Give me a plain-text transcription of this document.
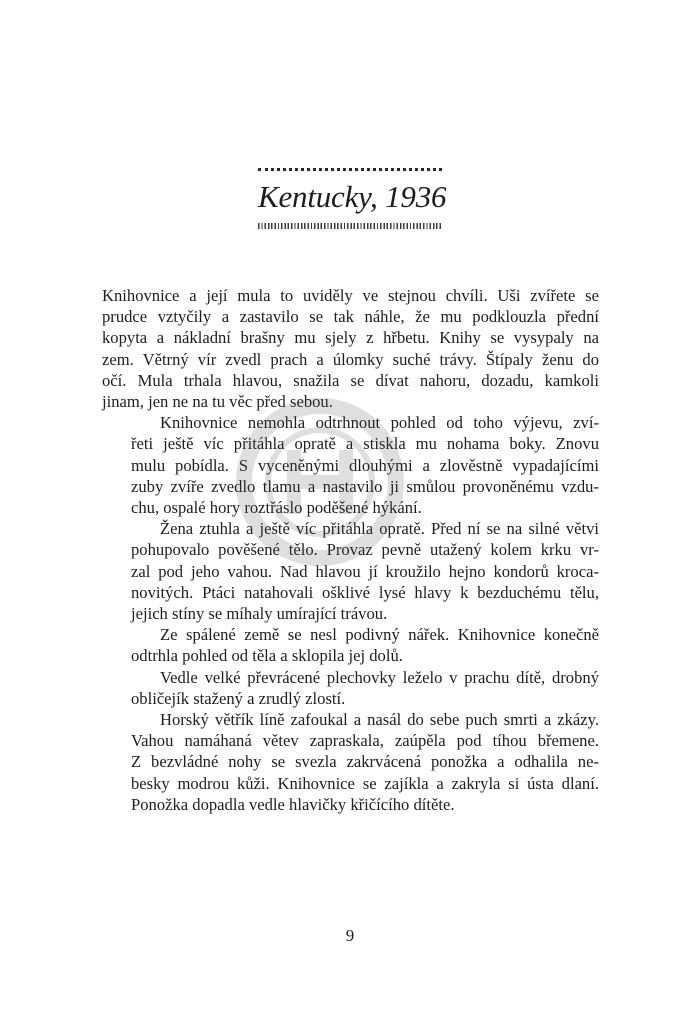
Kentucky, 1936
Knihovnice a její mula to uviděly ve stejnou chvíli. Uši zvířete se
prudce vztyčily a zastavilo se tak náhle, že mu podklouzla přední
kopyta a nákladní brašny mu sjely z hřbetu. Knihy se vysypaly na
zem. Větrný vír zvedl prach a úlomky suché trávy. Štípaly ženu do
očí. Mula trhala hlavou, snažila se dívat nahoru, dozadu, kamkoli
jinam, jen ne na tu věc před sebou.
Knihovnice nemohla odtrhnout pohled od toho výjevu, zví-
řeti ještě víc přitáhla opratě a stiskla mu nohama boky. Znovu
mulu pobídla. S vyceněnými dlouhými a zlověstně vypadajícími
zuby zvíře zvedlo tlamu a nastavilo ji smůlou provoněnému vzdu-
chu, ospalé hory roztřáslo poděšené hýkání.
Žena ztuhla a ještě víc přitáhla opratě. Před ní se na silné větvi
pohupovalo pověšené tělo. Provaz pevně utažený kolem krku vr-
zal pod jeho vahou. Nad hlavou jí kroužilo hejno kondorů kroca-
novitých. Ptáci natahovali ošklivé lysé hlavy k bezduchému tělu,
jejich stíny se míhaly umírající trávou.
Ze spálené země se nesl podivný nářek. Knihovnice konečně
odtrhla pohled od těla a sklopila jej dolů.
Vedle velké převrácené plechovky leželo v prachu dítě, drobný
obličejík stažený a zrudlý zlostí.
Horský větřík líně zafoukal a nasál do sebe puch smrti a zkázy.
Vahou namáhaná větev zapraskala, zaúpěla pod tíhou břemene.
Z bezvládné nohy se svezla zakrvácená ponožka a odhalila ne-
besky modrou kůži. Knihovnice se zajíkla a zakryla si ústa dlaní.
Ponožka dopadla vedle hlavičky křičícího dítěte.
9
